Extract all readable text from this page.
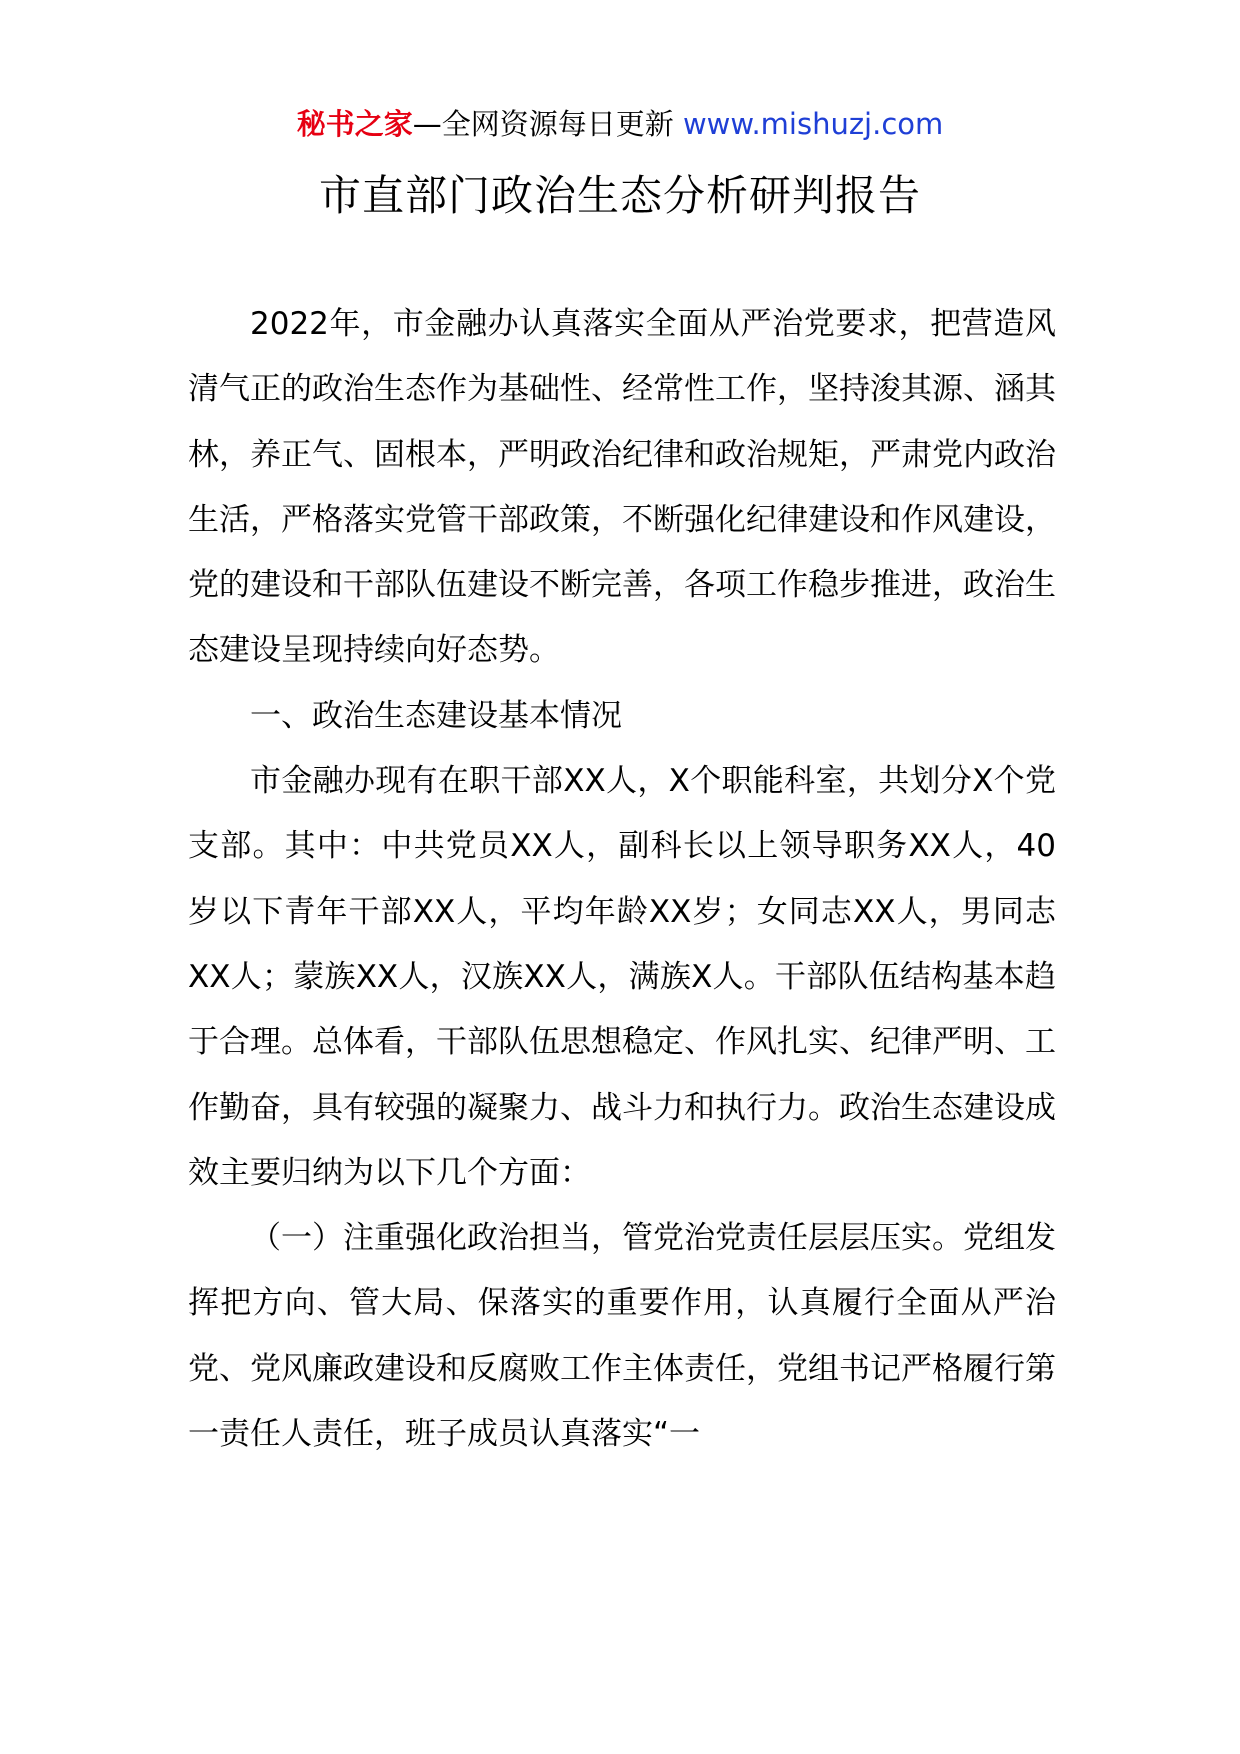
秘书之家—全网资源每日更新 www.mishuzj.com
市直部门政治生态分析研判报告

2022年，市金融办认真落实全面从严治党要求，把营造风清气正的政治生态作为基础性、经常性工作，坚持浚其源、涵其林，养正气、固根本，严明政治纪律和政治规矩，严肃党内政治生活，严格落实党管干部政策，不断强化纪律建设和作风建设，党的建设和干部队伍建设不断完善，各项工作稳步推进，政治生态建设呈现持续向好态势。

一、政治生态建设基本情况

市金融办现有在职干部XX人，X个职能科室，共划分X个党支部。其中：中共党员XX人，副科长以上领导职务XX人，40岁以下青年干部XX人，平均年龄XX岁；女同志XX人，男同志XX人；蒙族XX人，汉族XX人，满族X人。干部队伍结构基本趋于合理。总体看，干部队伍思想稳定、作风扎实、纪律严明、工作勤奋，具有较强的凝聚力、战斗力和执行力。政治生态建设成效主要归纳为以下几个方面：

（一）注重强化政治担当，管党治党责任层层压实。党组发挥把方向、管大局、保落实的重要作用，认真履行全面从严治党、党风廉政建设和反腐败工作主体责任，党组书记严格履行第一责任人责任，班子成员认真落实“一
